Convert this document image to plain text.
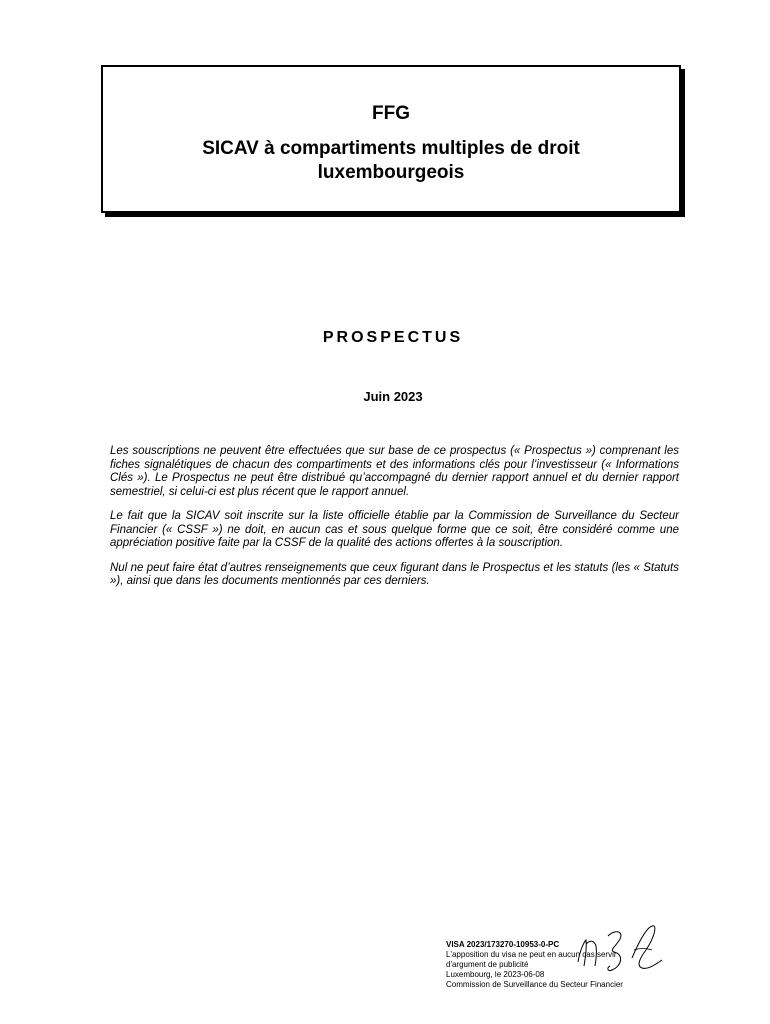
FFG
SICAV à compartiments multiples de droit luxembourgeois
PROSPECTUS
Juin 2023

Les souscriptions ne peuvent être effectuées que sur base de ce prospectus (« Prospectus ») comprenant les fiches signalétiques de chacun des compartiments et des informations clés pour l’investisseur (« Informations Clés »). Le Prospectus ne peut être distribué qu’accompagné du dernier rapport annuel et du dernier rapport semestriel, si celui-ci est plus récent que le rapport annuel.

Le fait que la SICAV soit inscrite sur la liste officielle établie par la Commission de Surveillance du Secteur Financier (« CSSF ») ne doit, en aucun cas et sous quelque forme que ce soit, être considéré comme une appréciation positive faite par la CSSF de la qualité des actions offertes à la souscription.

Nul ne peut faire état d’autres renseignements que ceux figurant dans le Prospectus et les statuts (les « Statuts »), ainsi que dans les documents mentionnés par ces derniers.

VISA 2023/173270-10953-0-PC
L'apposition du visa ne peut en aucun cas servir
d'argument de publicité
Luxembourg, le 2023-06-08
Commission de Surveillance du Secteur Financier
